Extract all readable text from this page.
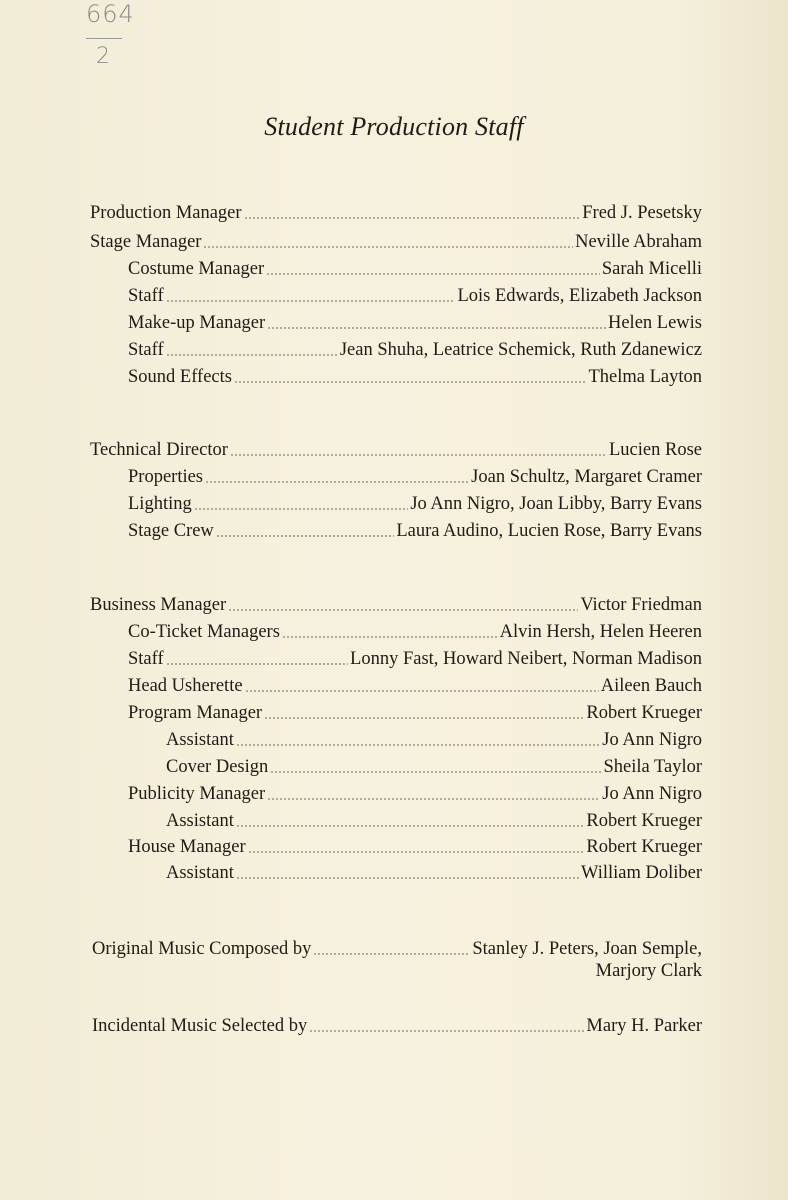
664
2
Student Production Staff
Production Manager	Fred J. Pesetsky
Stage Manager	Neville Abraham
Costume Manager	Sarah Micelli
Staff	Lois Edwards, Elizabeth Jackson
Make-up Manager	Helen Lewis
Staff	Jean Shuha, Leatrice Schemick, Ruth Zdanewicz
Sound Effects	Thelma Layton
Technical Director	Lucien Rose
Properties	Joan Schultz, Margaret Cramer
Lighting	Jo Ann Nigro, Joan Libby, Barry Evans
Stage Crew	Laura Audino, Lucien Rose, Barry Evans
Business Manager	Victor Friedman
Co-Ticket Managers	Alvin Hersh, Helen Heeren
Staff	Lonny Fast, Howard Neibert, Norman Madison
Head Usherette	Aileen Bauch
Program Manager	Robert Krueger
Assistant	Jo Ann Nigro
Cover Design	Sheila Taylor
Publicity Manager	Jo Ann Nigro
Assistant	Robert Krueger
House Manager	Robert Krueger
Assistant	William Doliber
Original Music Composed by	Stanley J. Peters, Joan Semple,
Marjory Clark
Incidental Music Selected by	Mary H. Parker
